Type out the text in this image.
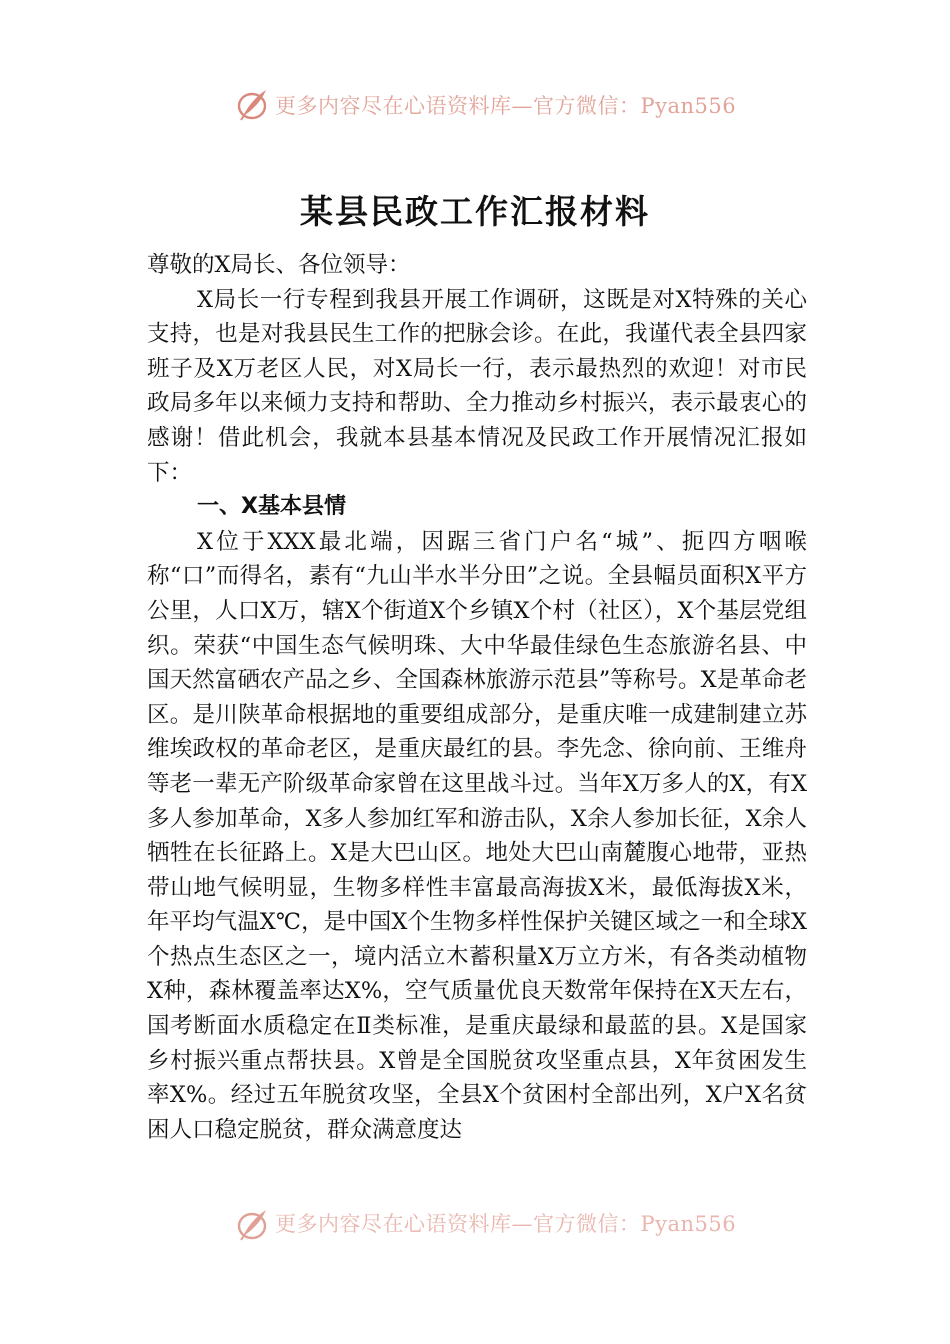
更多内容尽在心语资料库—官方微信：Pyan556
某县民政工作汇报材料

尊敬的X局长、各位领导：

X局长一行专程到我县开展工作调研，这既是对X特殊的关心支持，也是对我县民生工作的把脉会诊。在此，我谨代表全县四家班子及X万老区人民，对X局长一行，表示最热烈的欢迎！对市民政局多年以来倾力支持和帮助、全力推动乡村振兴，表示最衷心的感谢！借此机会，我就本县基本情况及民政工作开展情况汇报如下：

一、X基本县情

X位于XXX最北端，因踞三省门户名“城”、扼四方咽喉称“口”而得名，素有“九山半水半分田”之说。全县幅员面积X平方公里，人口X万，辖X个街道X个乡镇X个村（社区），X个基层党组织。荣获“中国生态气候明珠、大中华最佳绿色生态旅游名县、中国天然富硒农产品之乡、全国森林旅游示范县”等称号。X是革命老区。是川陕革命根据地的重要组成部分，是重庆唯一成建制建立苏维埃政权的革命老区，是重庆最红的县。李先念、徐向前、王维舟等老一辈无产阶级革命家曾在这里战斗过。当年X万多人的X，有X多人参加革命，X多人参加红军和游击队，X余人参加长征，X余人牺牲在长征路上。X是大巴山区。地处大巴山南麓腹心地带，亚热带山地气候明显，生物多样性丰富最高海拔X米，最低海拔X米，年平均气温X℃，是中国X个生物多样性保护关键区域之一和全球X个热点生态区之一，境内活立木蓄积量X万立方米，有各类动植物X种，森林覆盖率达X%，空气质量优良天数常年保持在X天左右，国考断面水质稳定在Ⅱ类标准，是重庆最绿和最蓝的县。X是国家乡村振兴重点帮扶县。X曾是全国脱贫攻坚重点县，X年贫困发生率X%。经过五年脱贫攻坚，全县X个贫困村全部出列，X户X名贫困人口稳定脱贫，群众满意度达

更多内容尽在心语资料库—官方微信：Pyan556
